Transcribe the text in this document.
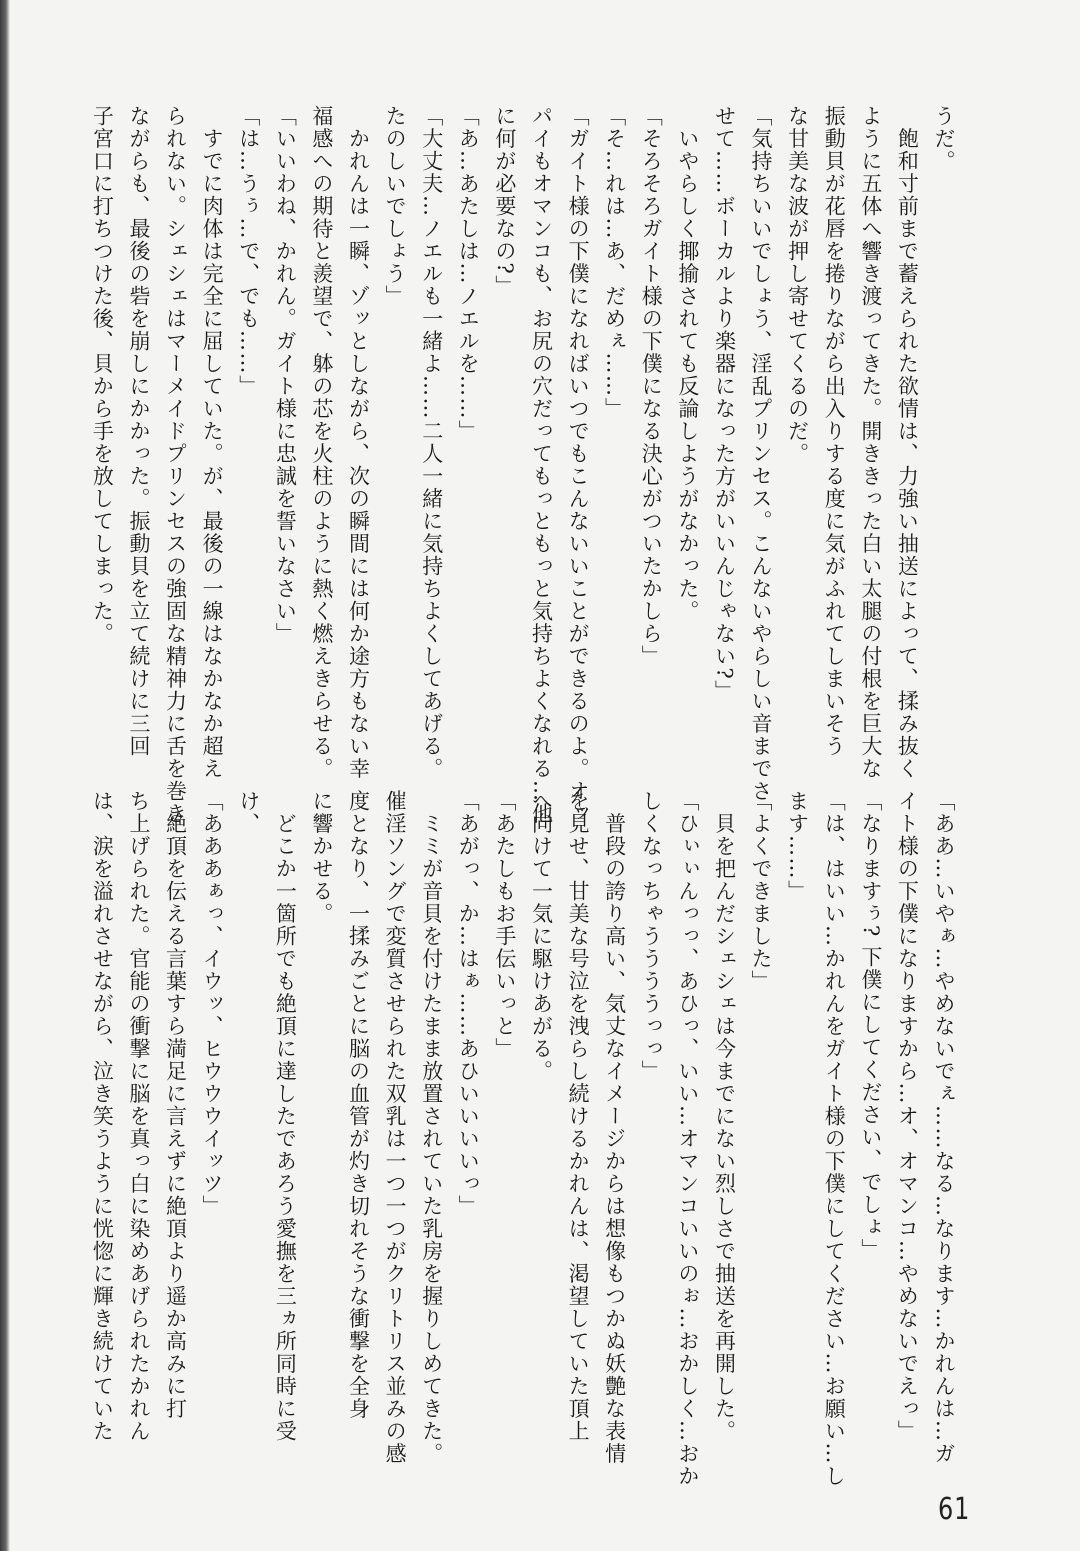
うだ。
　飽和寸前まで蓄えられた欲情は、力強い抽送によって、揉み抜く
ように五体へ響き渡ってきた。開ききった白い太腿の付根を巨大な
振動貝が花唇を捲りながら出入りする度に気がふれてしまいそう
な甘美な波が押し寄せてくるのだ。
「気持ちいいでしょう、淫乱プリンセス。こんないやらしい音までさ
せて……ボーカルより楽器になった方がいいんじゃない?」
　いやらしく揶揄されても反論しようがなかった。
「そろそろガイト様の下僕になる決心がついたかしら」
「そ…れは…あ、だめぇ……」
「ガイト様の下僕になればいつでもこんないいことができるのよ。オッ
パイもオマンコも、お尻の穴だってもっともっと気持ちよくなれる…他
に何が必要なの?」
「あ…あたしは…ノエルを……」
「大丈夫…ノエルも一緒よ……二人一緒に気持ちよくしてあげる。
たのしいでしょう」
　かれんは一瞬、ゾッとしながら、次の瞬間には何か途方もない幸
福感への期待と羨望で、躰の芯を火柱のように熱く燃えきらせる。
「いいわね、かれん。ガイト様に忠誠を誓いなさい」
「は…うぅ…で、でも……」
　すでに肉体は完全に屈していた。が、最後の一線はなかなか超え
られない。シェシェはマーメイドプリンセスの強固な精神力に舌を巻き
ながらも、最後の砦を崩しにかかった。振動貝を立て続けに三回
子宮口に打ちつけた後、貝から手を放してしまった。
「ああ…いやぁ…やめないでぇ……なる…なります…かれんは…ガ
イト様の下僕になりますから…オ、オマンコ…やめないでえっ」
「なりますぅ? 下僕にしてください、でしょ」
「は、はいい…かれんをガイト様の下僕にしてください…お願い…し
ます……」
「よくできました」
　貝を把んだシェシェは今までにない烈しさで抽送を再開した。
「ひぃぃんっっ、あひっ、いい…オマンコいいのぉ…おかしく…おか
しくなっちゃううううっっ」
　普段の誇り高い、気丈なイメージからは想像もつかぬ妖艶な表情
を見せ、甘美な号泣を洩らし続けるかれんは、渇望していた頂上
へ向けて一気に駆けあがる。
「あたしもお手伝いっと」
「あがっ、か…はぁ……あひいいいいっ」
　ミミが音貝を付けたまま放置されていた乳房を握りしめてきた。
催淫ソングで変質させられた双乳は一つ一つがクリトリス並みの感
度となり、一揉みごとに脳の血管が灼き切れそうな衝撃を全身
に響かせる。
　どこか一箇所でも絶頂に達したであろう愛撫を三ヵ所同時に受
け、
「あああぁっ、イウッ、ヒウウウイッツ」
　絶頂を伝える言葉すら満足に言えずに絶頂より遥か高みに打
ち上げられた。官能の衝撃に脳を真っ白に染めあげられたかれん
は、涙を溢れさせながら、泣き笑うように恍惚に輝き続けていた
61
